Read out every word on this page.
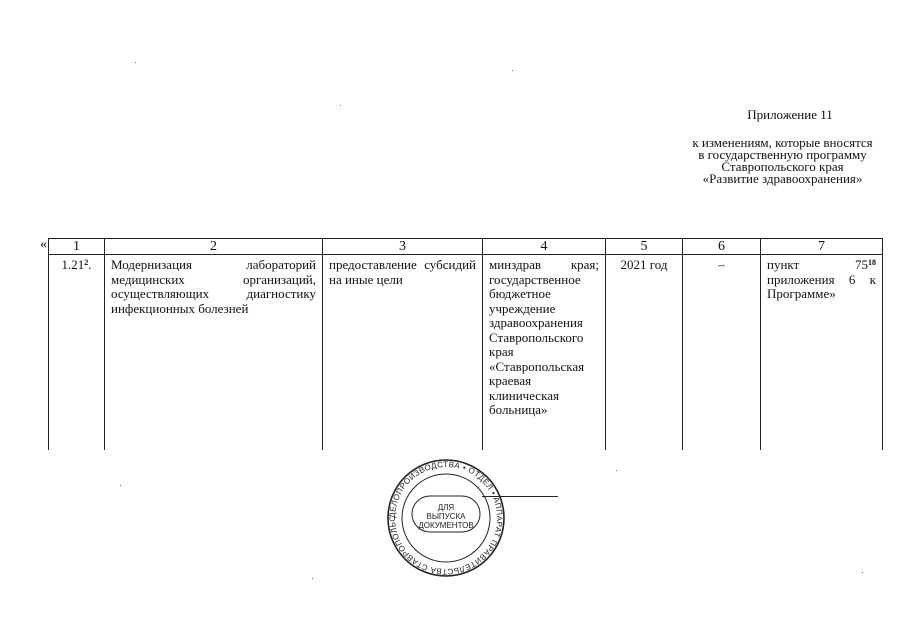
Приложение 11
к изменениям, которые вносятся
в государственную программу
Ставропольского края
«Развитие здравоохранения»
« 1	2	3	4	5	6	7
1.21$^2$.	Модернизация лабораторий медицинских организаций, осуществляющих диагностику инфекционных болезней	предоставление субсидий на иные цели	минздрав края; государственное бюджетное учреждение здравоохранения Ставропольского края «Ставропольская краевая клиническая больница»	2021 год	–	пункт $75^{18}$ приложения 6 к Программе»
ДЕЛОПРОИЗВОДСТВА • ОТДЕЛ • АППАРАТ ПРАВИТЕЛЬСТВА СТАВРОПОЛЬС
ДЛЯ
ВЫПУСКА
ДОКУМЕНТОВ
